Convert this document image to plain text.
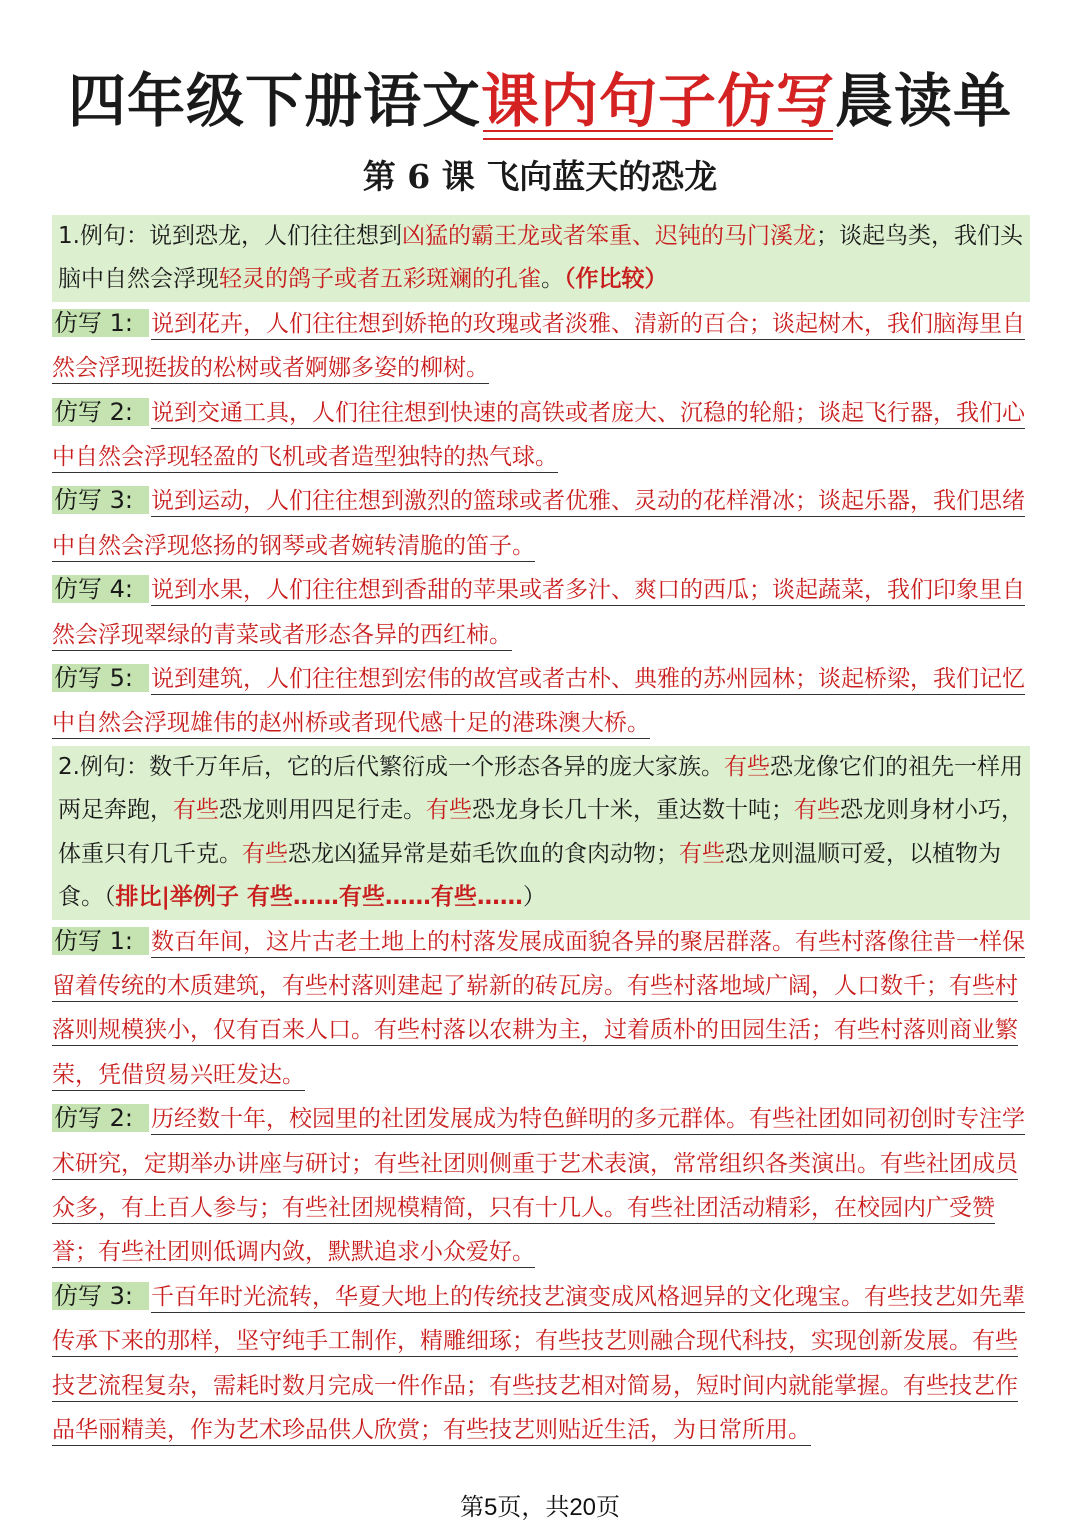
四年级下册语文课内句子仿写晨读单
第 6 课 飞向蓝天的恐龙
1.例句：说到恐龙，人们往往想到凶猛的霸王龙或者笨重、迟钝的马门溪龙；谈起鸟类，我们头脑中自然会浮现轻灵的鸽子或者五彩斑斓的孔雀。（作比较）
仿写 1: 说到花卉，人们往往想到娇艳的玫瑰或者淡雅、清新的百合；谈起树木，我们脑海里自然会浮现挺拔的松树或者婀娜多姿的柳树。
仿写 2: 说到交通工具，人们往往想到快速的高铁或者庞大、沉稳的轮船；谈起飞行器，我们心中自然会浮现轻盈的飞机或者造型独特的热气球。
仿写 3: 说到运动，人们往往想到激烈的篮球或者优雅、灵动的花样滑冰；谈起乐器，我们思绪中自然会浮现悠扬的钢琴或者婉转清脆的笛子。
仿写 4: 说到水果，人们往往想到香甜的苹果或者多汁、爽口的西瓜；谈起蔬菜，我们印象里自然会浮现翠绿的青菜或者形态各异的西红柿。
仿写 5: 说到建筑，人们往往想到宏伟的故宫或者古朴、典雅的苏州园林；谈起桥梁，我们记忆中自然会浮现雄伟的赵州桥或者现代感十足的港珠澳大桥。
2.例句：数千万年后，它的后代繁衍成一个形态各异的庞大家族。有些恐龙像它们的祖先一样用两足奔跑，有些恐龙则用四足行走。有些恐龙身长几十米，重达数十吨；有些恐龙则身材小巧，体重只有几千克。有些恐龙凶猛异常是茹毛饮血的食肉动物；有些恐龙则温顺可爱，以植物为食。（排比|举例子 有些……有些……有些……）
仿写 1: 数百年间，这片古老土地上的村落发展成面貌各异的聚居群落。有些村落像往昔一样保留着传统的木质建筑，有些村落则建起了崭新的砖瓦房。有些村落地域广阔，人口数千；有些村落则规模狭小，仅有百来人口。有些村落以农耕为主，过着质朴的田园生活；有些村落则商业繁荣，凭借贸易兴旺发达。
仿写 2: 历经数十年，校园里的社团发展成为特色鲜明的多元群体。有些社团如同初创时专注学术研究，定期举办讲座与研讨；有些社团则侧重于艺术表演，常常组织各类演出。有些社团成员众多，有上百人参与；有些社团规模精简，只有十几人。有些社团活动精彩，在校园内广受赞誉；有些社团则低调内敛，默默追求小众爱好。
仿写 3: 千百年时光流转，华夏大地上的传统技艺演变成风格迥异的文化瑰宝。有些技艺如先辈传承下来的那样，坚守纯手工制作，精雕细琢；有些技艺则融合现代科技，实现创新发展。有些技艺流程复杂，需耗时数月完成一件作品；有些技艺相对简易，短时间内就能掌握。有些技艺作品华丽精美，作为艺术珍品供人欣赏；有些技艺则贴近生活，为日常所用。
第5页，共20页
